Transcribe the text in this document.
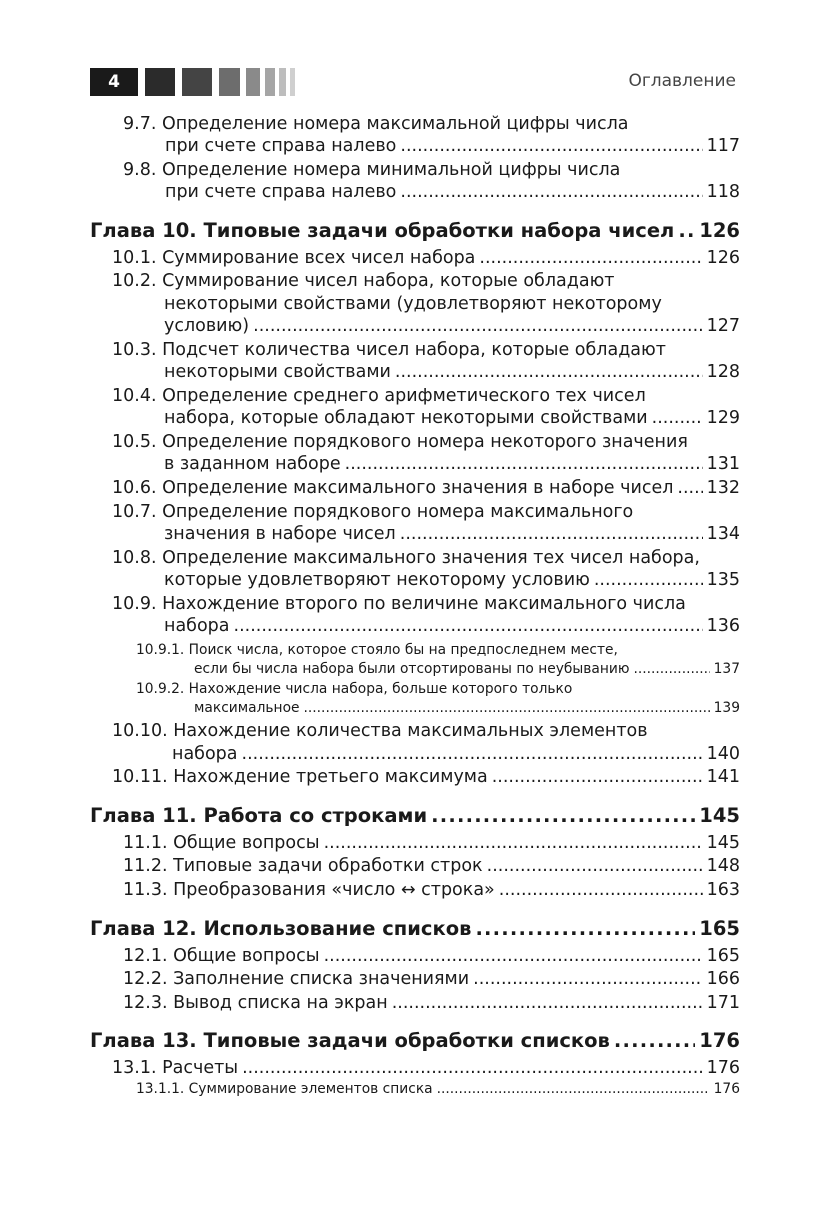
4	Оглавление
9.7. Определение номера максимальной цифры числа
при счете справа налево .....	117
9.8. Определение номера минимальной цифры числа
при счете справа налево .....	118
Глава 10. Типовые задачи обработки набора чисел ..... 126
10.1. Суммирование всех чисел набора .....	126
10.2. Суммирование чисел набора, которые обладают
некоторыми свойствами (удовлетворяют некоторому
условию) .....	127
10.3. Подсчет количества чисел набора, которые обладают
некоторыми свойствами .....	128
10.4. Определение среднего арифметического тех чисел
набора, которые обладают некоторыми свойствами .....	129
10.5. Определение порядкового номера некоторого значения
в заданном наборе .....	131
10.6. Определение максимального значения в наборе чисел ..... 132
10.7. Определение порядкового номера максимального
значения в наборе чисел .....	134
10.8. Определение максимального значения тех чисел набора,
которые удовлетворяют некоторому условию .....	135
10.9. Нахождение второго по величине максимального числа
набора .....	136
10.9.1. Поиск числа, которое стояло бы на предпоследнем месте,
если бы числа набора были отсортированы по неубыванию .....	137
10.9.2. Нахождение числа набора, больше которого только
максимальное .....	139
10.10. Нахождение количества максимальных элементов
набора .....	140
10.11. Нахождение третьего максимума .....	141
Глава 11. Работа со строками .....	145
11.1. Общие вопросы .....	145
11.2. Типовые задачи обработки строк .....	148
11.3. Преобразования «число ↔ строка» .....	163
Глава 12. Использование списков .....	165
12.1. Общие вопросы .....	165
12.2. Заполнение списка значениями .....	166
12.3. Вывод списка на экран .....	171
Глава 13. Типовые задачи обработки списков .....	176
13.1. Расчеты .....	176
13.1.1. Суммирование элементов списка .....	176
